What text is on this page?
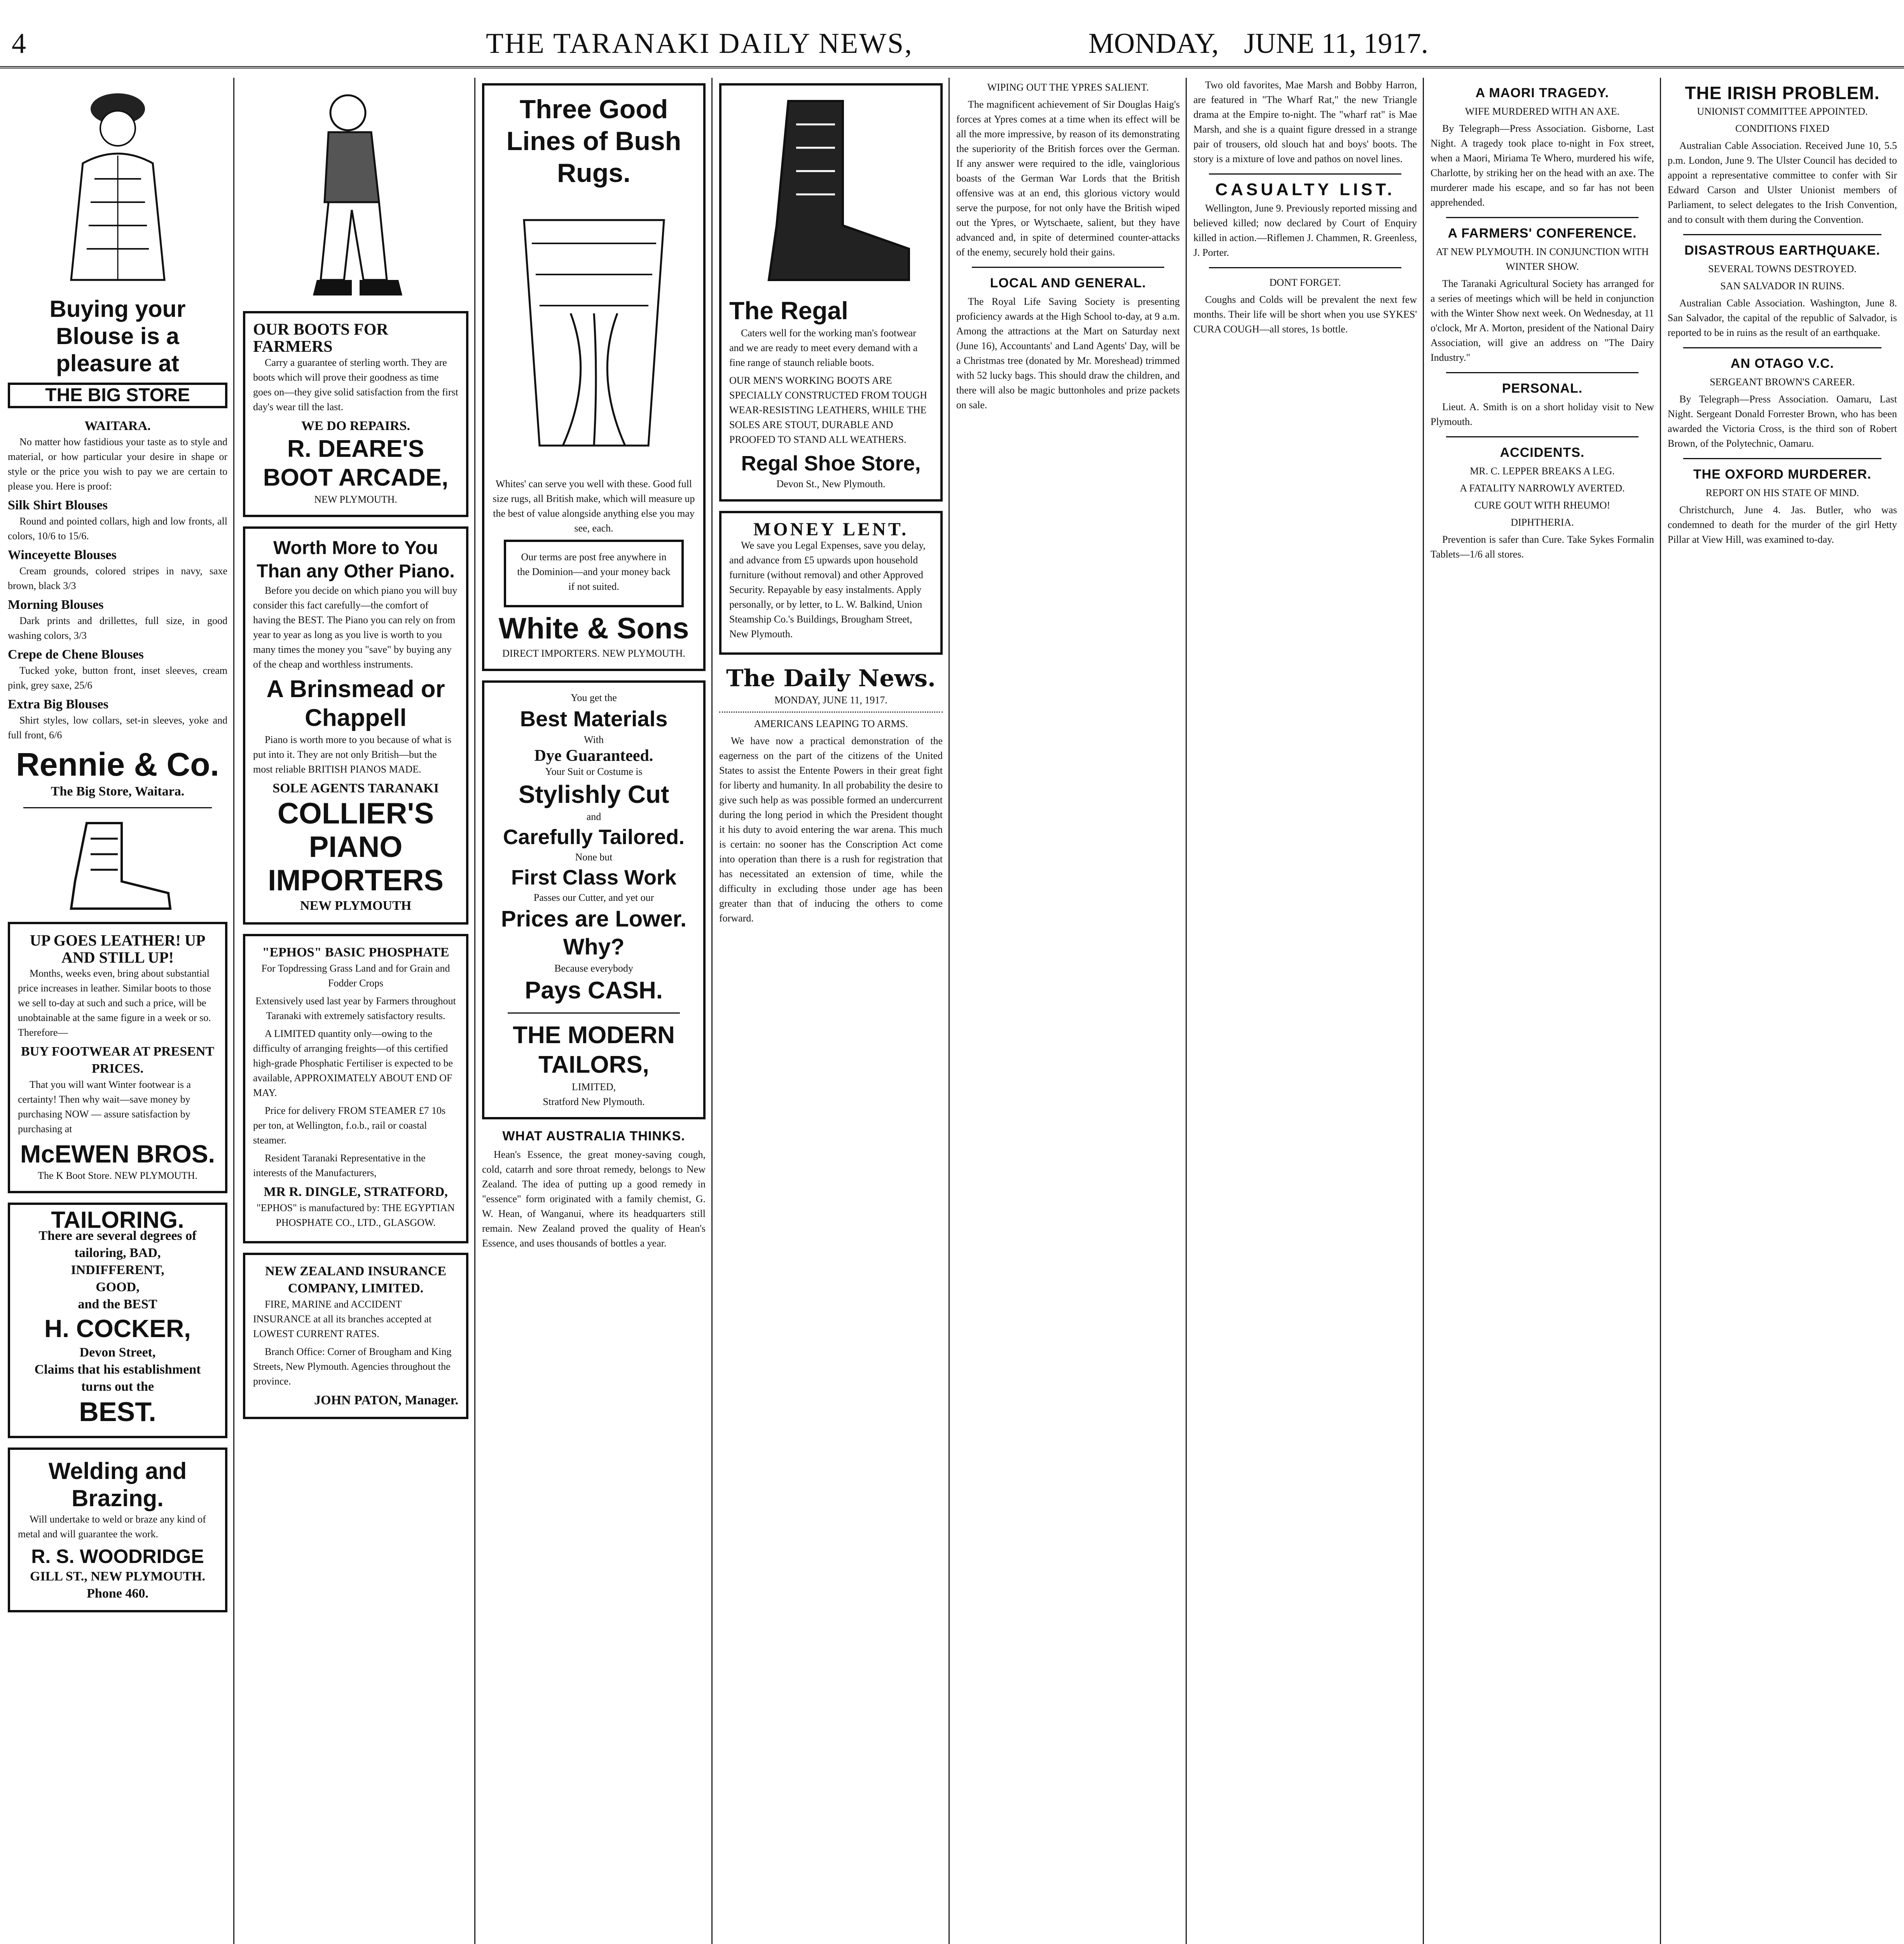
4	THE TARANAKI DAILY NEWS,	MONDAY, JUNE 11, 1917.
Buying your Blouse is a pleasure at
THE BIG STORE
WAITARA.

No matter how fastidious your taste as to style and material, or how particular your desire in shape or style or the price you wish to pay we are certain to please you. Here is proof:

Silk Shirt Blouses

Round and pointed collars, high and low fronts, all colors, 10/6 to 15/6.

Winceyette Blouses

Cream grounds, colored stripes in navy, saxe brown, black 3/3

Morning Blouses

Dark prints and drillettes, full size, in good washing colors, 3/3

Crepe de Chene Blouses

Tucked yoke, button front, inset sleeves, cream pink, grey saxe, 25/6

Extra Big Blouses

Shirt styles, low collars, set-in sleeves, yoke and full front, 6/6

Rennie & Co.
The Big Store, Waitara.
UP GOES LEATHER! UP AND STILL UP!

Months, weeks even, bring about substantial price increases in leather. Similar boots to those we sell to-day at such and such a price, will be unobtainable at the same figure in a week or so. Therefore—

BUY FOOTWEAR AT PRESENT PRICES.

That you will want Winter footwear is a certainty! Then why wait—save money by purchasing NOW — assure satisfaction by purchasing at

McEWEN BROS.
The K Boot Store. NEW PLYMOUTH.
TAILORING.
There are several degrees of
tailoring, BAD,
INDIFFERENT,
GOOD,
and the BEST
H. COCKER,
Devon Street,
Claims that his establishment turns out the
BEST.
Welding and Brazing.

Will undertake to weld or braze any kind of metal and will guarantee the work.

R. S. WOODRIDGE
GILL ST., NEW PLYMOUTH. Phone 460.
OUR BOOTS FOR FARMERS

Carry a guarantee of sterling worth. They are boots which will prove their goodness as time goes on—they give solid satisfaction from the first day's wear till the last.

WE DO REPAIRS.
R. DEARE'S BOOT ARCADE,
NEW PLYMOUTH.
Worth More to You Than any Other Piano.

Before you decide on which piano you will buy consider this fact carefully—the comfort of having the BEST. The Piano you can rely on from year to year as long as you live is worth to you many times the money you "save" by buying any of the cheap and worthless instruments.

A Brinsmead or Chappell

Piano is worth more to you because of what is put into it. They are not only British—but the most reliable BRITISH PIANOS MADE.

SOLE AGENTS TARANAKI
COLLIER'S PIANO IMPORTERS
NEW PLYMOUTH
"EPHOS" BASIC PHOSPHATE

For Topdressing Grass Land and for Grain and Fodder Crops

Extensively used last year by Farmers throughout Taranaki with extremely satisfactory results.

A LIMITED quantity only—owing to the difficulty of arranging freights—of this certified high-grade Phosphatic Fertiliser is expected to be available, APPROXIMATELY ABOUT END OF MAY.

Price for delivery FROM STEAMER £7 10s per ton, at Wellington, f.o.b., rail or coastal steamer.

Resident Taranaki Representative in the interests of the Manufacturers,

MR R. DINGLE, STRATFORD,

"EPHOS" is manufactured by: THE EGYPTIAN PHOSPHATE CO., LTD., GLASGOW.

NEW ZEALAND INSURANCE COMPANY, LIMITED.

FIRE, MARINE and ACCIDENT INSURANCE at all its branches accepted at LOWEST CURRENT RATES.

Branch Office: Corner of Brougham and King Streets, New Plymouth. Agencies throughout the province.

JOHN PATON, Manager.
Three Good Lines of Bush Rugs.

Whites' can serve you well with these. Good full size rugs, all British make, which will measure up the best of value alongside anything else you may see, each.

Our terms are post free anywhere in the Dominion—and your money back if not suited.

White & Sons
DIRECT IMPORTERS. NEW PLYMOUTH.
You get the
Best Materials
With
Dye Guaranteed.
Your Suit or Costume is
Stylishly Cut
and
Carefully Tailored.
None but
First Class Work
Passes our Cutter, and yet our
Prices are Lower.
Why?
Because everybody
Pays CASH.
THE MODERN TAILORS,
LIMITED,
Stratford New Plymouth.
WHAT AUSTRALIA THINKS.

Hean's Essence, the great money-saving cough, cold, catarrh and sore throat remedy, belongs to New Zealand. The idea of putting up a good remedy in "essence" form originated with a family chemist, G. W. Hean, of Wanganui, where its headquarters still remain. New Zealand proved the quality of Hean's Essence, and uses thousands of bottles a year.

The Regal

Caters well for the working man's footwear and we are ready to meet every demand with a fine range of staunch reliable boots.

OUR MEN'S WORKING BOOTS ARE SPECIALLY CONSTRUCTED FROM TOUGH WEAR-RESISTING LEATHERS, WHILE THE SOLES ARE STOUT, DURABLE AND PROOFED TO STAND ALL WEATHERS.

Regal Shoe Store,
Devon St., New Plymouth.
MONEY LENT.

We save you Legal Expenses, save you delay, and advance from £5 upwards upon household furniture (without removal) and other Approved Security. Repayable by easy instalments. Apply personally, or by letter, to L. W. Balkind, Union Steamship Co.'s Buildings, Brougham Street, New Plymouth.

The Daily News.
MONDAY, JUNE 11, 1917.
AMERICANS LEAPING TO ARMS.

We have now a practical demonstration of the eagerness on the part of the citizens of the United States to assist the Entente Powers in their great fight for liberty and humanity. In all probability the desire to give such help as was possible formed an undercurrent during the long period in which the President thought it his duty to avoid entering the war arena. This much is certain: no sooner has the Conscription Act come into operation than there is a rush for registration that has necessitated an extension of time, while the difficulty in excluding those under age has been greater than that of inducing the others to come forward.

WIPING OUT THE YPRES SALIENT.

The magnificent achievement of Sir Douglas Haig's forces at Ypres comes at a time when its effect will be all the more impressive, by reason of its demonstrating the superiority of the British forces over the German. If any answer were required to the idle, vainglorious boasts of the German War Lords that the British offensive was at an end, this glorious victory would serve the purpose, for not only have the British wiped out the Ypres, or Wytschaete, salient, but they have advanced and, in spite of determined counter-attacks of the enemy, securely hold their gains.

LOCAL AND GENERAL.

The Royal Life Saving Society is presenting proficiency awards at the High School to-day, at 9 a.m. Among the attractions at the Mart on Saturday next (June 16), Accountants' and Land Agents' Day, will be a Christmas tree (donated by Mr. Moreshead) trimmed with 52 lucky bags. This should draw the children, and there will also be magic buttonholes and prize packets on sale.

Two old favorites, Mae Marsh and Bobby Harron, are featured in "The Wharf Rat," the new Triangle drama at the Empire to-night. The "wharf rat" is Mae Marsh, and she is a quaint figure dressed in a strange pair of trousers, old slouch hat and boys' boots. The story is a mixture of love and pathos on novel lines.

CASUALTY LIST.

Wellington, June 9. Previously reported missing and believed killed; now declared by Court of Enquiry killed in action.—Riflemen J. Chammen, R. Greenless, J. Porter.

DONT FORGET.

Coughs and Colds will be prevalent the next few months. Their life will be short when you use SYKES' CURA COUGH—all stores, 1s bottle.

A MAORI TRAGEDY.
WIFE MURDERED WITH AN AXE.

By Telegraph—Press Association. Gisborne, Last Night. A tragedy took place to-night in Fox street, when a Maori, Miriama Te Whero, murdered his wife, Charlotte, by striking her on the head with an axe. The murderer made his escape, and so far has not been apprehended.

A FARMERS' CONFERENCE.
AT NEW PLYMOUTH. IN CONJUNCTION WITH WINTER SHOW.

The Taranaki Agricultural Society has arranged for a series of meetings which will be held in conjunction with the Winter Show next week. On Wednesday, at 11 o'clock, Mr A. Morton, president of the National Dairy Association, will give an address on "The Dairy Industry."

PERSONAL.

Lieut. A. Smith is on a short holiday visit to New Plymouth.

ACCIDENTS.
MR. C. LEPPER BREAKS A LEG.
A FATALITY NARROWLY AVERTED.
CURE GOUT WITH RHEUMO!
DIPHTHERIA.

Prevention is safer than Cure. Take Sykes Formalin Tablets—1/6 all stores.

THE IRISH PROBLEM.
UNIONIST COMMITTEE APPOINTED.
CONDITIONS FIXED

Australian Cable Association. Received June 10, 5.5 p.m. London, June 9. The Ulster Council has decided to appoint a representative committee to confer with Sir Edward Carson and Ulster Unionist members of Parliament, to select delegates to the Irish Convention, and to consult with them during the Convention.

DISASTROUS EARTHQUAKE.
SEVERAL TOWNS DESTROYED.
SAN SALVADOR IN RUINS.

Australian Cable Association. Washington, June 8. San Salvador, the capital of the republic of Salvador, is reported to be in ruins as the result of an earthquake.

AN OTAGO V.C.
SERGEANT BROWN'S CAREER.

By Telegraph—Press Association. Oamaru, Last Night. Sergeant Donald Forrester Brown, who has been awarded the Victoria Cross, is the third son of Robert Brown, of the Polytechnic, Oamaru.

THE OXFORD MURDERER.
REPORT ON HIS STATE OF MIND.

Christchurch, June 4. Jas. Butler, who was condemned to death for the murder of the girl Hetty Pillar at View Hill, was examined to-day.
